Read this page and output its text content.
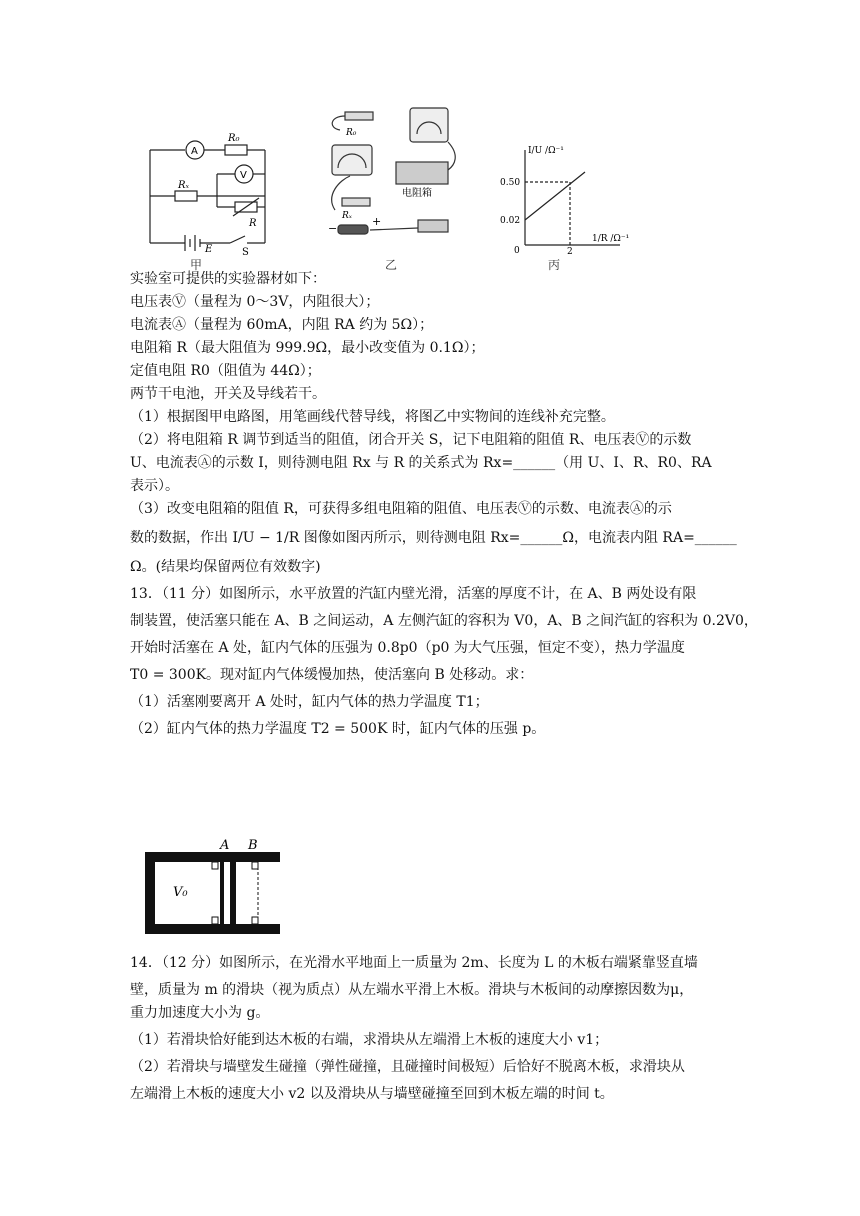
A
V
R₀
Rₓ
R
E	S
甲
R₀
Rₓ
电阻箱
−
+
乙
I/U /Ω⁻¹
1/R /Ω⁻¹
0.50
0.02
0	2
丙

实验室可提供的实验器材如下：

电压表Ⓥ（量程为 0～3V，内阻很大）；

电流表Ⓐ（量程为 60mA，内阻 RA 约为 5Ω）；

电阻箱 R（最大阻值为 999.9Ω，最小改变值为 0.1Ω）；

定值电阻 R0（阻值为 44Ω）；

两节干电池，开关及导线若干。

（1）根据图甲电路图，用笔画线代替导线，将图乙中实物间的连线补充完整。

（2）将电阻箱 R 调节到适当的阻值，闭合开关 S，记下电阻箱的阻值 R、电压表Ⓥ的示数

U、电流表Ⓐ的示数 I，则待测电阻 Rx 与 R 的关系式为 Rx=______（用 U、I、R、R0、RA

表示）。

（3）改变电阻箱的阻值 R，可获得多组电阻箱的阻值、电压表Ⓥ的示数、电流表Ⓐ的示

数的数据，作出 I/U − 1/R 图像如图丙所示，则待测电阻 Rx=______Ω，电流表内阻 RA=______

Ω。(结果均保留两位有效数字)

13．（11 分）如图所示，水平放置的汽缸内壁光滑，活塞的厚度不计，在 A、B 两处设有限

制装置，使活塞只能在 A、B 之间运动，A 左侧汽缸的容积为 V0，A、B 之间汽缸的容积为 0.2V0，

开始时活塞在 A 处，缸内气体的压强为 0.8p0（p0 为大气压强，恒定不变），热力学温度

T0 = 300K。现对缸内气体缓慢加热，使活塞向 B 处移动。求：

（1）活塞刚要离开 A 处时，缸内气体的热力学温度 T1；

（2）缸内气体的热力学温度 T2 = 500K 时，缸内气体的压强 p。

A B
V₀

14．（12 分）如图所示，在光滑水平地面上一质量为 2m、长度为 L 的木板右端紧靠竖直墙

壁，质量为 m 的滑块（视为质点）从左端水平滑上木板。滑块与木板间的动摩擦因数为μ，

重力加速度大小为 g。

（1）若滑块恰好能到达木板的右端，求滑块从左端滑上木板的速度大小 v1；

（2）若滑块与墙壁发生碰撞（弹性碰撞，且碰撞时间极短）后恰好不脱离木板，求滑块从

左端滑上木板的速度大小 v2 以及滑块从与墙壁碰撞至回到木板左端的时间 t。
